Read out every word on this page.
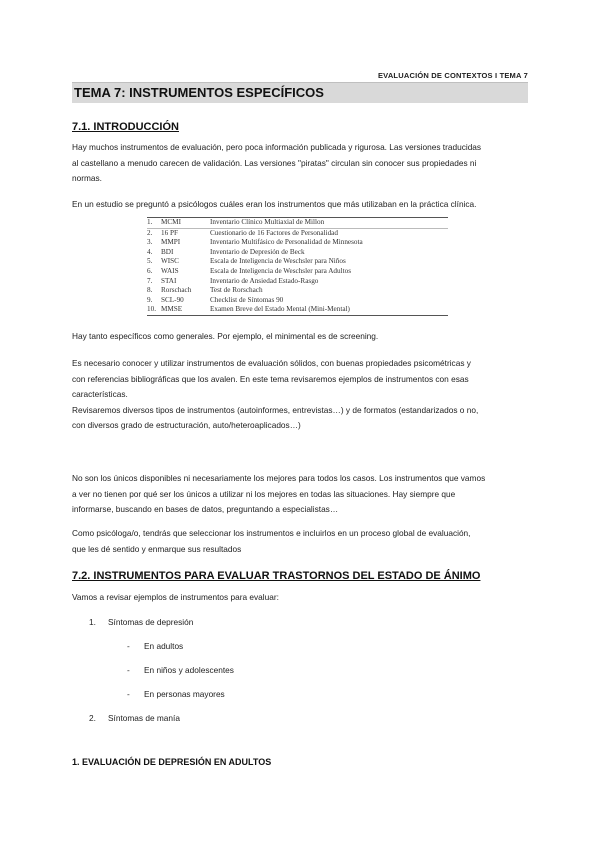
EVALUACIÓN DE CONTEXTOS I TEMA 7
TEMA 7: INSTRUMENTOS ESPECÍFICOS
7.1. INTRODUCCIÓN
Hay muchos instrumentos de evaluación, pero poca información publicada y rigurosa. Las versiones traducidas
al castellano a menudo carecen de validación. Las versiones "piratas" circulan sin conocer sus propiedades ni
normas.
En un estudio se preguntó a psicólogos cuáles eran los instrumentos que más utilizaban en la práctica clínica.
1.	MCMI	Inventario Clínico Multiaxial de Millon
2.	16 PF	Cuestionario de 16 Factores de Personalidad
3.	MMPI	Inventario Multifásico de Personalidad de Minnesota
4.	BDI	Inventario de Depresión de Beck
5.	WISC	Escala de Inteligencia de Weschsler para Niños
6.	WAIS	Escala de Inteligencia de Weschsler para Adultos
7.	STAI	Inventario de Ansiedad Estado-Rasgo
8.	Rorschach	Test de Rorschach
9.	SCL-90	Checklist de Síntomas 90
10. MMSE	Examen Breve del Estado Mental (Mini-Mental)
Hay tanto específicos como generales. Por ejemplo, el minimental es de screening.
Es necesario conocer y utilizar instrumentos de evaluación sólidos, con buenas propiedades psicométricas y
con referencias bibliográficas que los avalen. En este tema revisaremos ejemplos de instrumentos con esas
características.
Revisaremos diversos tipos de instrumentos (autoinformes, entrevistas…) y de formatos (estandarizados o no,
con diversos grado de estructuración, auto/heteroaplicados…)
No son los únicos disponibles ni necesariamente los mejores para todos los casos. Los instrumentos que vamos
a ver no tienen por qué ser los únicos a utilizar ni los mejores en todas las situaciones. Hay siempre que
informarse, buscando en bases de datos, preguntando a especialistas…
Como psicóloga/o, tendrás que seleccionar los instrumentos e incluirlos en un proceso global de evaluación,
que les dé sentido y enmarque sus resultados
7.2. INSTRUMENTOS PARA EVALUAR TRASTORNOS DEL ESTADO DE ÁNIMO
Vamos a revisar ejemplos de instrumentos para evaluar:
1. Síntomas de depresión
- En adultos
- En niños y adolescentes
- En personas mayores
2. Síntomas de manía
1. EVALUACIÓN DE DEPRESIÓN EN ADULTOS
